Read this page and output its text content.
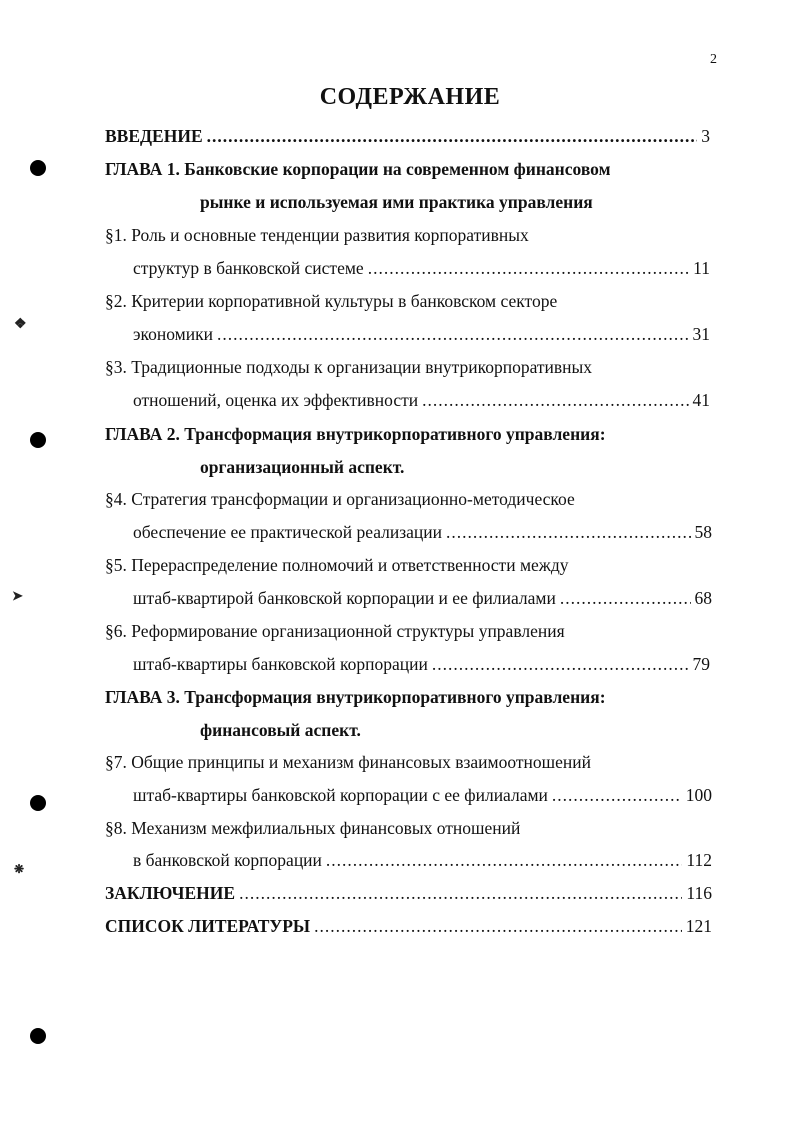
2
СОДЕРЖАНИЕ
ВВЕДЕНИЕ .....	3
ГЛАВА 1. Банковские корпорации на современном финансовом
рынке и используемая ими практика управления
§1. Роль и основные тенденции развития корпоративных
структур в банковской системе .....	11
§2. Критерии корпоративной культуры в банковском секторе
экономики .....	31
§3. Традиционные подходы к организации внутрикорпоративных
отношений, оценка их эффективности .....	41
ГЛАВА 2. Трансформация внутрикорпоративного управления:
организационный аспект.
§4. Стратегия трансформации и организационно-методическое
обеспечение ее практической реализации .....	58
§5. Перераспределение полномочий и ответственности между
штаб-квартирой банковской корпорации и ее филиалами .....	68
§6. Реформирование организационной структуры управления
штаб-квартиры банковской корпорации .....	79
ГЛАВА 3. Трансформация внутрикорпоративного управления:
финансовый аспект.
§7. Общие принципы и механизм финансовых взаимоотношений
штаб-квартиры банковской корпорации с ее филиалами .....	100
§8. Механизм межфилиальных финансовых отношений
в банковской корпорации .....	112
ЗАКЛЮЧЕНИЕ .....	116
СПИСОК ЛИТЕРАТУРЫ .....	121
❖
➤
❋
